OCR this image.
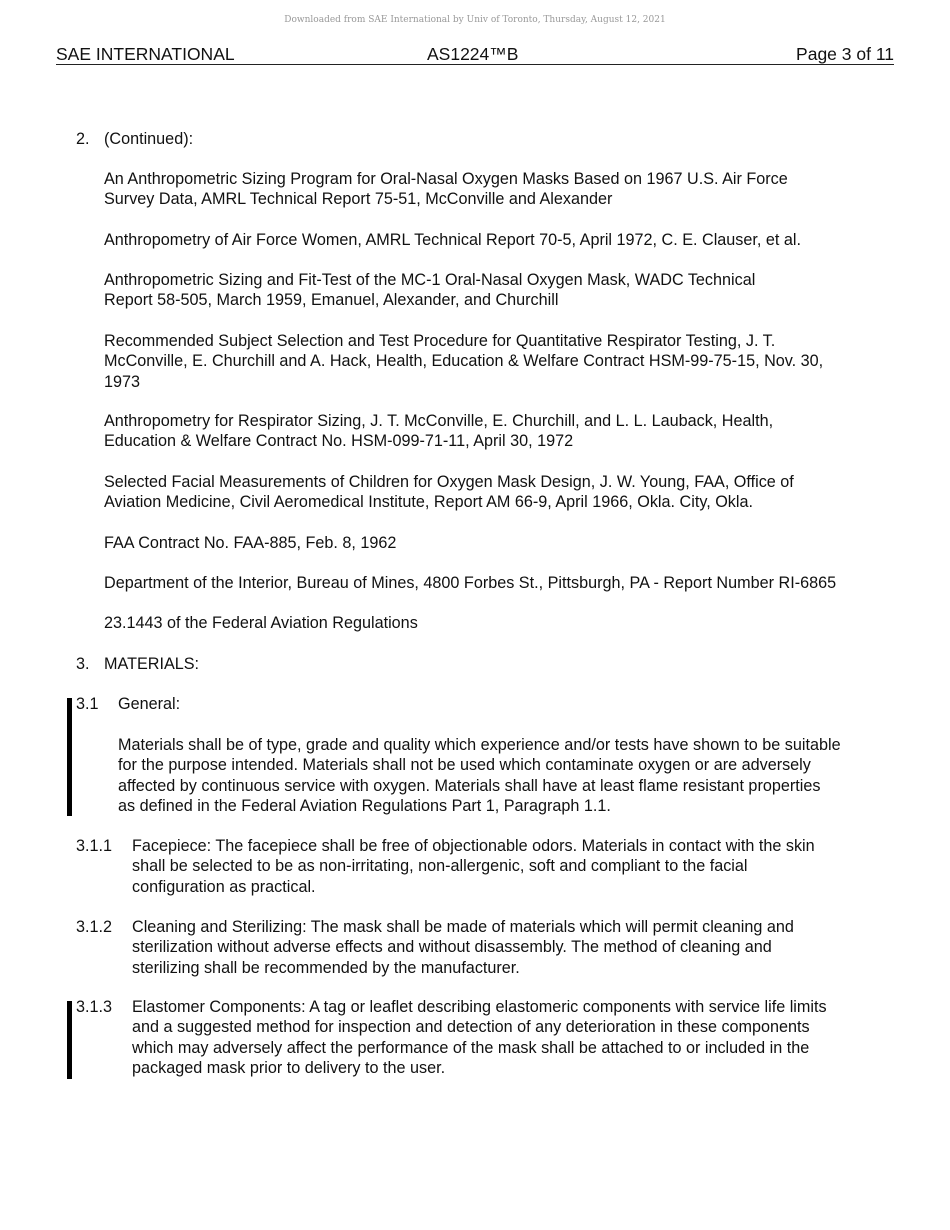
Downloaded from SAE International by Univ of Toronto, Thursday, August 12, 2021
SAE INTERNATIONAL	AS1224™B	Page 3 of 11
2. (Continued):
An Anthropometric Sizing Program for Oral-Nasal Oxygen Masks Based on 1967 U.S. Air Force
Survey Data, AMRL Technical Report 75-51, McConville and Alexander
Anthropometry of Air Force Women, AMRL Technical Report 70-5, April 1972, C. E. Clauser, et al.
Anthropometric Sizing and Fit-Test of the MC-1 Oral-Nasal Oxygen Mask, WADC Technical
Report 58-505, March 1959, Emanuel, Alexander, and Churchill
Recommended Subject Selection and Test Procedure for Quantitative Respirator Testing, J. T.
McConville, E. Churchill and A. Hack, Health, Education & Welfare Contract HSM-99-75-15, Nov. 30,
1973
Anthropometry for Respirator Sizing, J. T. McConville, E. Churchill, and L. L. Lauback, Health,
Education & Welfare Contract No. HSM-099-71-11, April 30, 1972
Selected Facial Measurements of Children for Oxygen Mask Design, J. W. Young, FAA, Office of
Aviation Medicine, Civil Aeromedical Institute, Report AM 66-9, April 1966, Okla. City, Okla.
FAA Contract No. FAA-885, Feb. 8, 1962
Department of the Interior, Bureau of Mines, 4800 Forbes St., Pittsburgh, PA - Report Number RI-6865
23.1443 of the Federal Aviation Regulations
3. MATERIALS:
3.1 General:
Materials shall be of type, grade and quality which experience and/or tests have shown to be suitable
for the purpose intended. Materials shall not be used which contaminate oxygen or are adversely
affected by continuous service with oxygen. Materials shall have at least flame resistant properties
as defined in the Federal Aviation Regulations Part 1, Paragraph 1.1.
3.1.1 Facepiece: The facepiece shall be free of objectionable odors. Materials in contact with the skin
shall be selected to be as non-irritating, non-allergenic, soft and compliant to the facial
configuration as practical.
3.1.2 Cleaning and Sterilizing: The mask shall be made of materials which will permit cleaning and
sterilization without adverse effects and without disassembly. The method of cleaning and
sterilizing shall be recommended by the manufacturer.
3.1.3 Elastomer Components: A tag or leaflet describing elastomeric components with service life limits
and a suggested method for inspection and detection of any deterioration in these components
which may adversely affect the performance of the mask shall be attached to or included in the
packaged mask prior to delivery to the user.
